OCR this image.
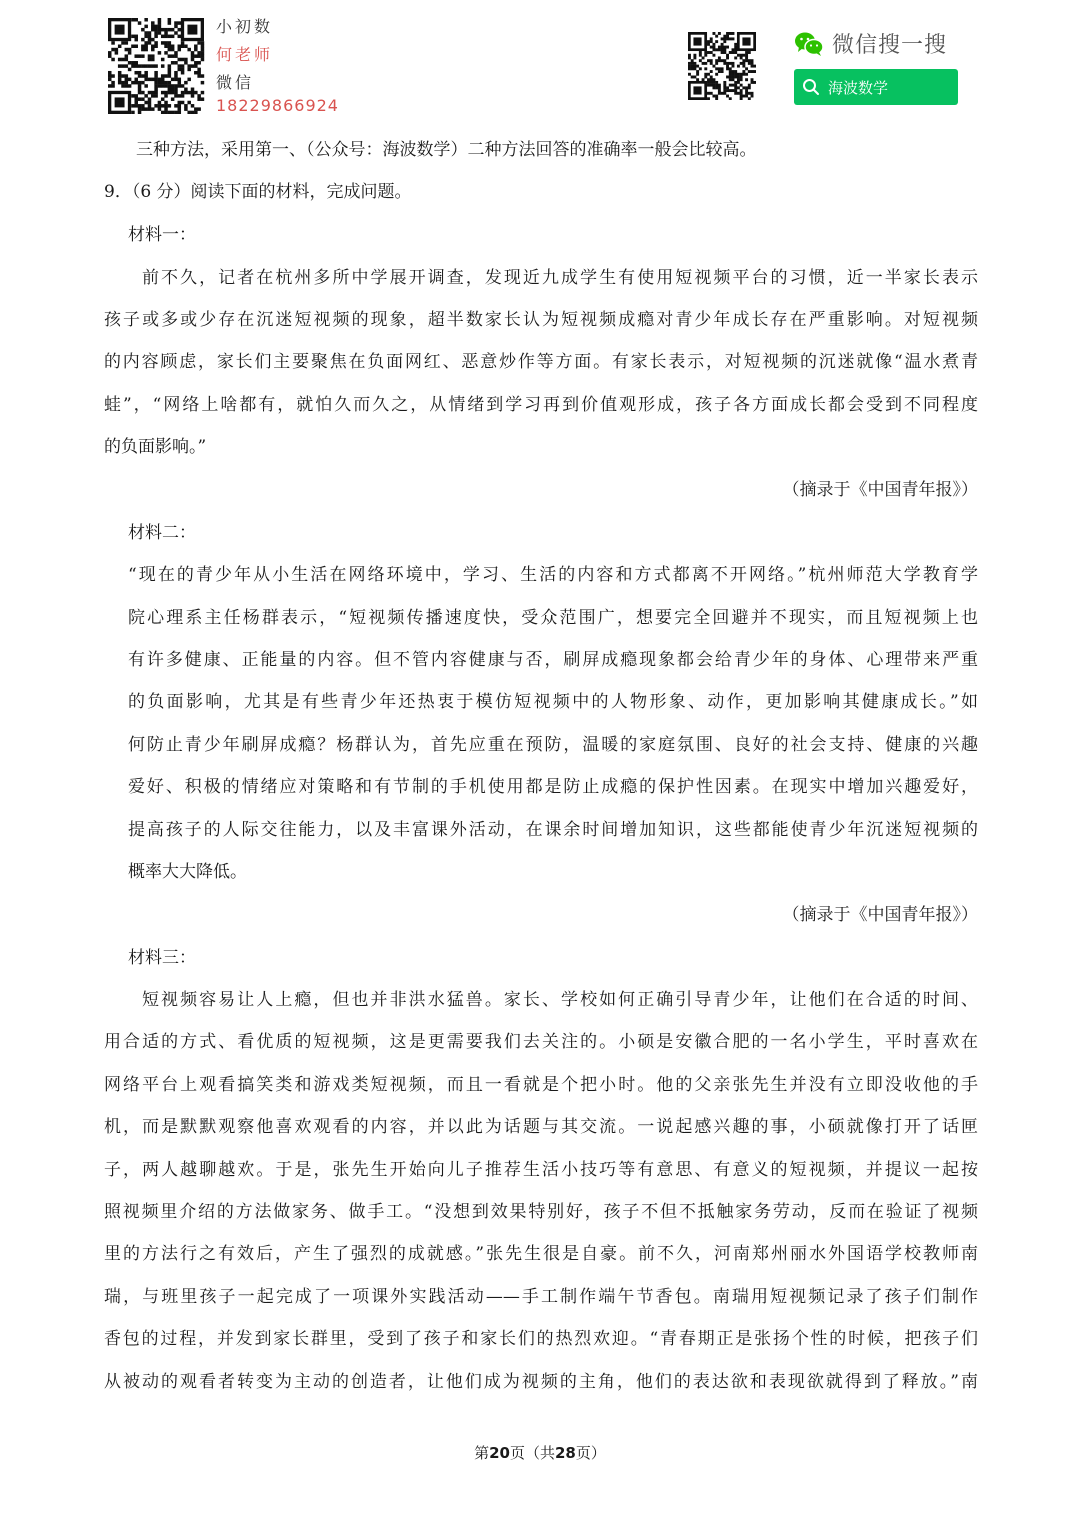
小初数
何老师
微信
18229866924
微信搜一搜
海波数学
三种方法，采用第一、（公众号：海波数学）二种方法回答的准确率一般会比较高。
9．（6 分）阅读下面的材料，完成问题。
材料一：
前不久，记者在杭州多所中学展开调查，发现近九成学生有使用短视频平台的习惯，近一半家长表示
孩子或多或少存在沉迷短视频的现象，超半数家长认为短视频成瘾对青少年成长存在严重影响。对短视频
的内容顾虑，家长们主要聚焦在负面网红、恶意炒作等方面。有家长表示，对短视频的沉迷就像“温水煮青
蛙”，“网络上啥都有，就怕久而久之，从情绪到学习再到价值观形成，孩子各方面成长都会受到不同程度
的负面影响。”
（摘录于《中国青年报》）
材料二：
“现在的青少年从小生活在网络环境中，学习、生活的内容和方式都离不开网络。”杭州师范大学教育学
院心理系主任杨群表示，“短视频传播速度快，受众范围广，想要完全回避并不现实，而且短视频上也
有许多健康、正能量的内容。但不管内容健康与否，刷屏成瘾现象都会给青少年的身体、心理带来严重
的负面影响，尤其是有些青少年还热衷于模仿短视频中的人物形象、动作，更加影响其健康成长。”如
何防止青少年刷屏成瘾？杨群认为，首先应重在预防，温暖的家庭氛围、良好的社会支持、健康的兴趣
爱好、积极的情绪应对策略和有节制的手机使用都是防止成瘾的保护性因素。在现实中增加兴趣爱好，
提高孩子的人际交往能力，以及丰富课外活动，在课余时间增加知识，这些都能使青少年沉迷短视频的
概率大大降低。
（摘录于《中国青年报》）
材料三：
短视频容易让人上瘾，但也并非洪水猛兽。家长、学校如何正确引导青少年，让他们在合适的时间、
用合适的方式、看优质的短视频，这是更需要我们去关注的。小硕是安徽合肥的一名小学生，平时喜欢在
网络平台上观看搞笑类和游戏类短视频，而且一看就是个把小时。他的父亲张先生并没有立即没收他的手
机，而是默默观察他喜欢观看的内容，并以此为话题与其交流。一说起感兴趣的事，小硕就像打开了话匣
子，两人越聊越欢。于是，张先生开始向儿子推荐生活小技巧等有意思、有意义的短视频，并提议一起按
照视频里介绍的方法做家务、做手工。“没想到效果特别好，孩子不但不抵触家务劳动，反而在验证了视频
里的方法行之有效后，产生了强烈的成就感。”张先生很是自豪。前不久，河南郑州丽水外国语学校教师南
瑞，与班里孩子一起完成了一项课外实践活动——手工制作端午节香包。南瑞用短视频记录了孩子们制作
香包的过程，并发到家长群里，受到了孩子和家长们的热烈欢迎。“青春期正是张扬个性的时候，把孩子们
从被动的观看者转变为主动的创造者，让他们成为视频的主角，他们的表达欲和表现欲就得到了释放。”南
第20页（共28页）
